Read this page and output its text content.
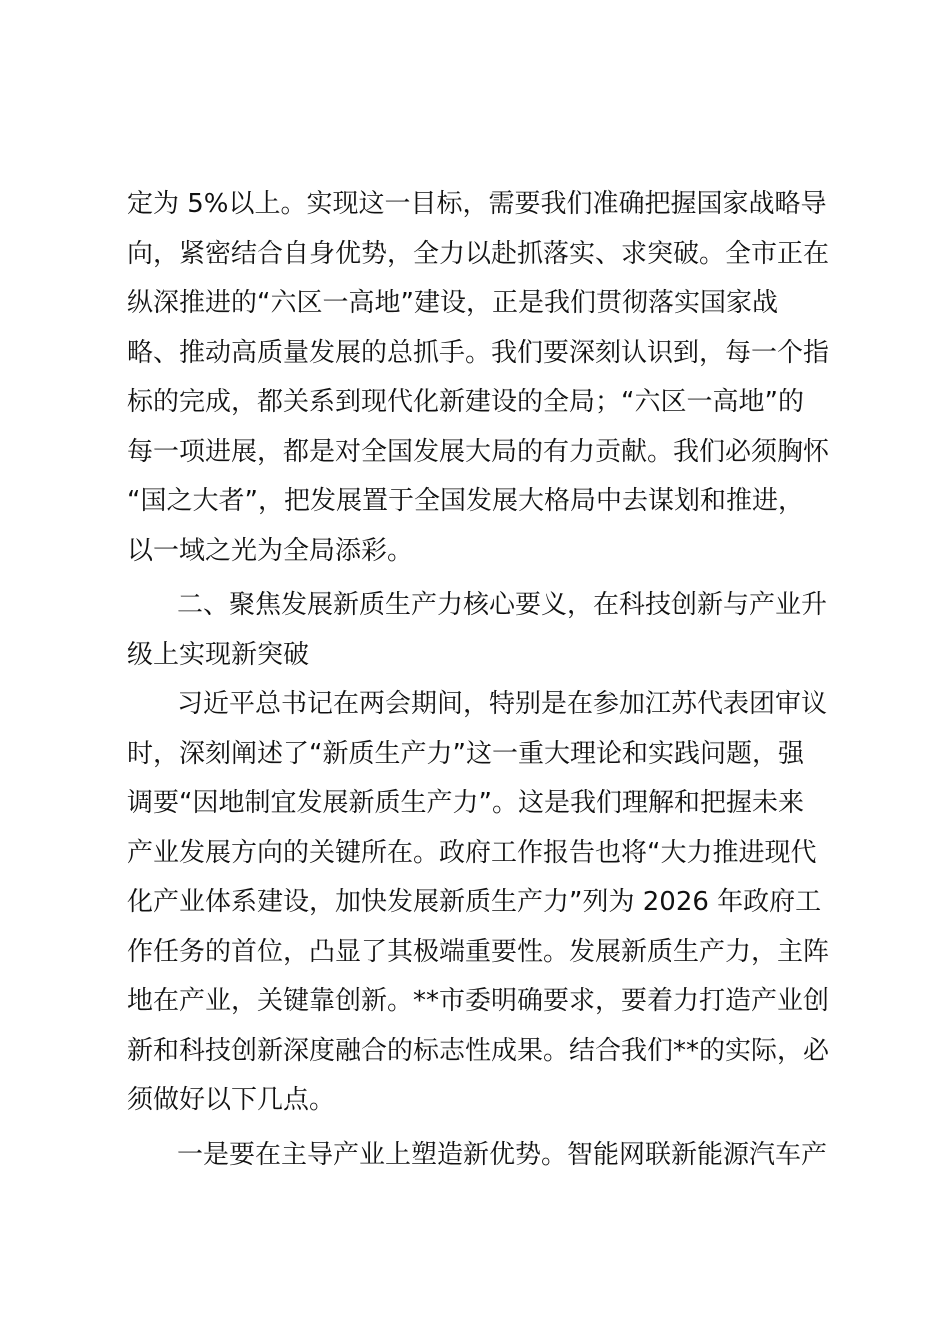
定为 5%以上。实现这一目标，需要我们准确把握国家战略导
向，紧密结合自身优势，全力以赴抓落实、求突破。全市正在
纵深推进的“六区一高地”建设，正是我们贯彻落实国家战
略、推动高质量发展的总抓手。我们要深刻认识到，每一个指
标的完成，都关系到现代化新建设的全局；“六区一高地”的
每一项进展，都是对全国发展大局的有力贡献。我们必须胸怀
“国之大者”，把发展置于全国发展大格局中去谋划和推进，
以一域之光为全局添彩。
二、聚焦发展新质生产力核心要义，在科技创新与产业升
级上实现新突破
习近平总书记在两会期间，特别是在参加江苏代表团审议
时，深刻阐述了“新质生产力”这一重大理论和实践问题，强
调要“因地制宜发展新质生产力”。这是我们理解和把握未来
产业发展方向的关键所在。政府工作报告也将“大力推进现代
化产业体系建设，加快发展新质生产力”列为 2026 年政府工
作任务的首位，凸显了其极端重要性。发展新质生产力，主阵
地在产业，关键靠创新。**市委明确要求，要着力打造产业创
新和科技创新深度融合的标志性成果。结合我们**的实际，必
须做好以下几点。
一是要在主导产业上塑造新优势。智能网联新能源汽车产
